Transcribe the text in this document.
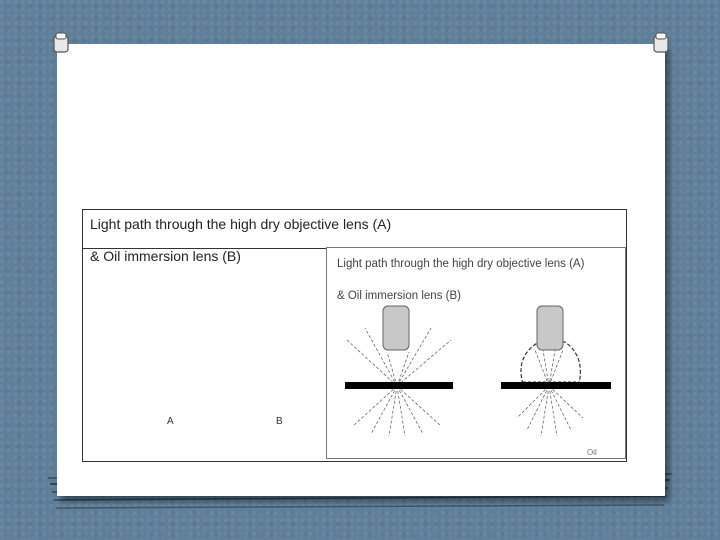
Light path through the high dry objective lens (A)
& Oil immersion lens (B)
A	B
Light path through the high dry objective lens (A)
& Oil immersion lens (B)
Oil
